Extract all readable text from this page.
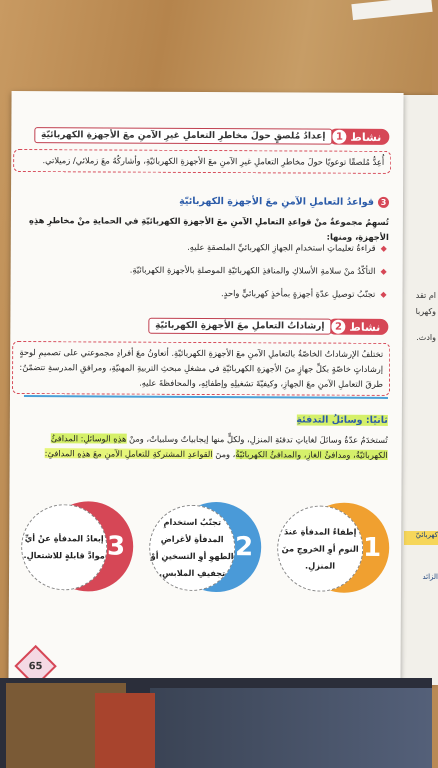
ام تقد
وكهربا
وادث.
كهربائيّ
الزائد
نشاط
1
إعدادُ مُلصقٍ حولَ مخاطرِ التعاملِ غيرِ الآمنِ معَ الأجهزةِ الكهربائيّةِ
أُعِدُّ مُلصقًا توعويًا حولَ مخاطرِ التعاملِ غيرِ الآمنِ معَ الأجهزةِ الكهربائيّةِ، وأشاركُهُ معَ زملائي/ زميلاتي.
3
قواعدُ التعاملِ الآمنِ معَ الأجهزةِ الكهربائيّةِ
تُسهِمُ مجموعةٌ منْ قواعدِ التعاملِ الآمنِ معَ الأجهزةِ الكهربائيّةِ في الحمايةِ منْ مخاطرِ هذِهِ الأجهزةِ، ومنها:
◆
قراءةُ تعليماتِ استخدامِ الجهازِ الكهربائيِّ الملصقةِ عليهِ.
◆
التأكّدُ منْ سلامةِ الأسلاكِ والمنافذِ الكهربائيّةِ الموصلةِ بالأجهزةِ الكهربائيّةِ.
◆
تجنّبُ توصيلِ عدّةِ أجهزةٍ بمأخذٍ كهربائيٍّ واحدٍ.
نشاط
2
إرشاداتُ التعاملِ معَ الأجهزةِ الكهربائيّةِ
تختلفُ الإرشاداتُ الخاصّةُ بالتعاملِ الآمنِ معَ الأجهزةِ الكهربائيّةِ. أتعاونُ معَ أفرادِ مجموعتي على تصميمِ لوحةٍ إرشاداتٍ خاصّةٍ بكلِّ جهازٍ منَ الأجهزةِ الكهربائيّةِ في مشغلِ مبحثِ التربيةِ المهنيّةِ، ومرافقِ المدرسةِ تتضمّنُ: طرقَ التعاملِ الآمنِ معَ الجهازِ، وكيفيّةَ تشغيلِهِ وإطفائِهِ، والمحافظةَ عليهِ.
ثانيًا: وسائلُ التدفئةِ
تُستخدَمُ عدّةُ وسائلَ لغاياتِ تدفئةِ المنزلِ، ولكلٍّ منها إيجابياتٌ وسلبياتٌ، ومنْ هذِهِ الوسائلِ: المدافئُ الكهربائيّةُ، ومدافئُ الغازِ، والمدافئُ الكهربائيّةُ، ومنَ القواعدِ المشتركةِ للتعاملِ الآمنِ معَ هذِهِ المدافئِ:
1
إطفاءُ المدفأةِ عندَ النومِ أوِ الخروجِ منَ المنزلِ.
2
تجنّبُ استخدامِ المدفأةِ لأغراضِ الطهوِ أوِ التسخينِ أوْ تجفيفِ الملابسِ.
3
إبعادُ المدفأةِ عنْ أيِّ موادَّ قابلةٍ للاشتعالِ.
65
